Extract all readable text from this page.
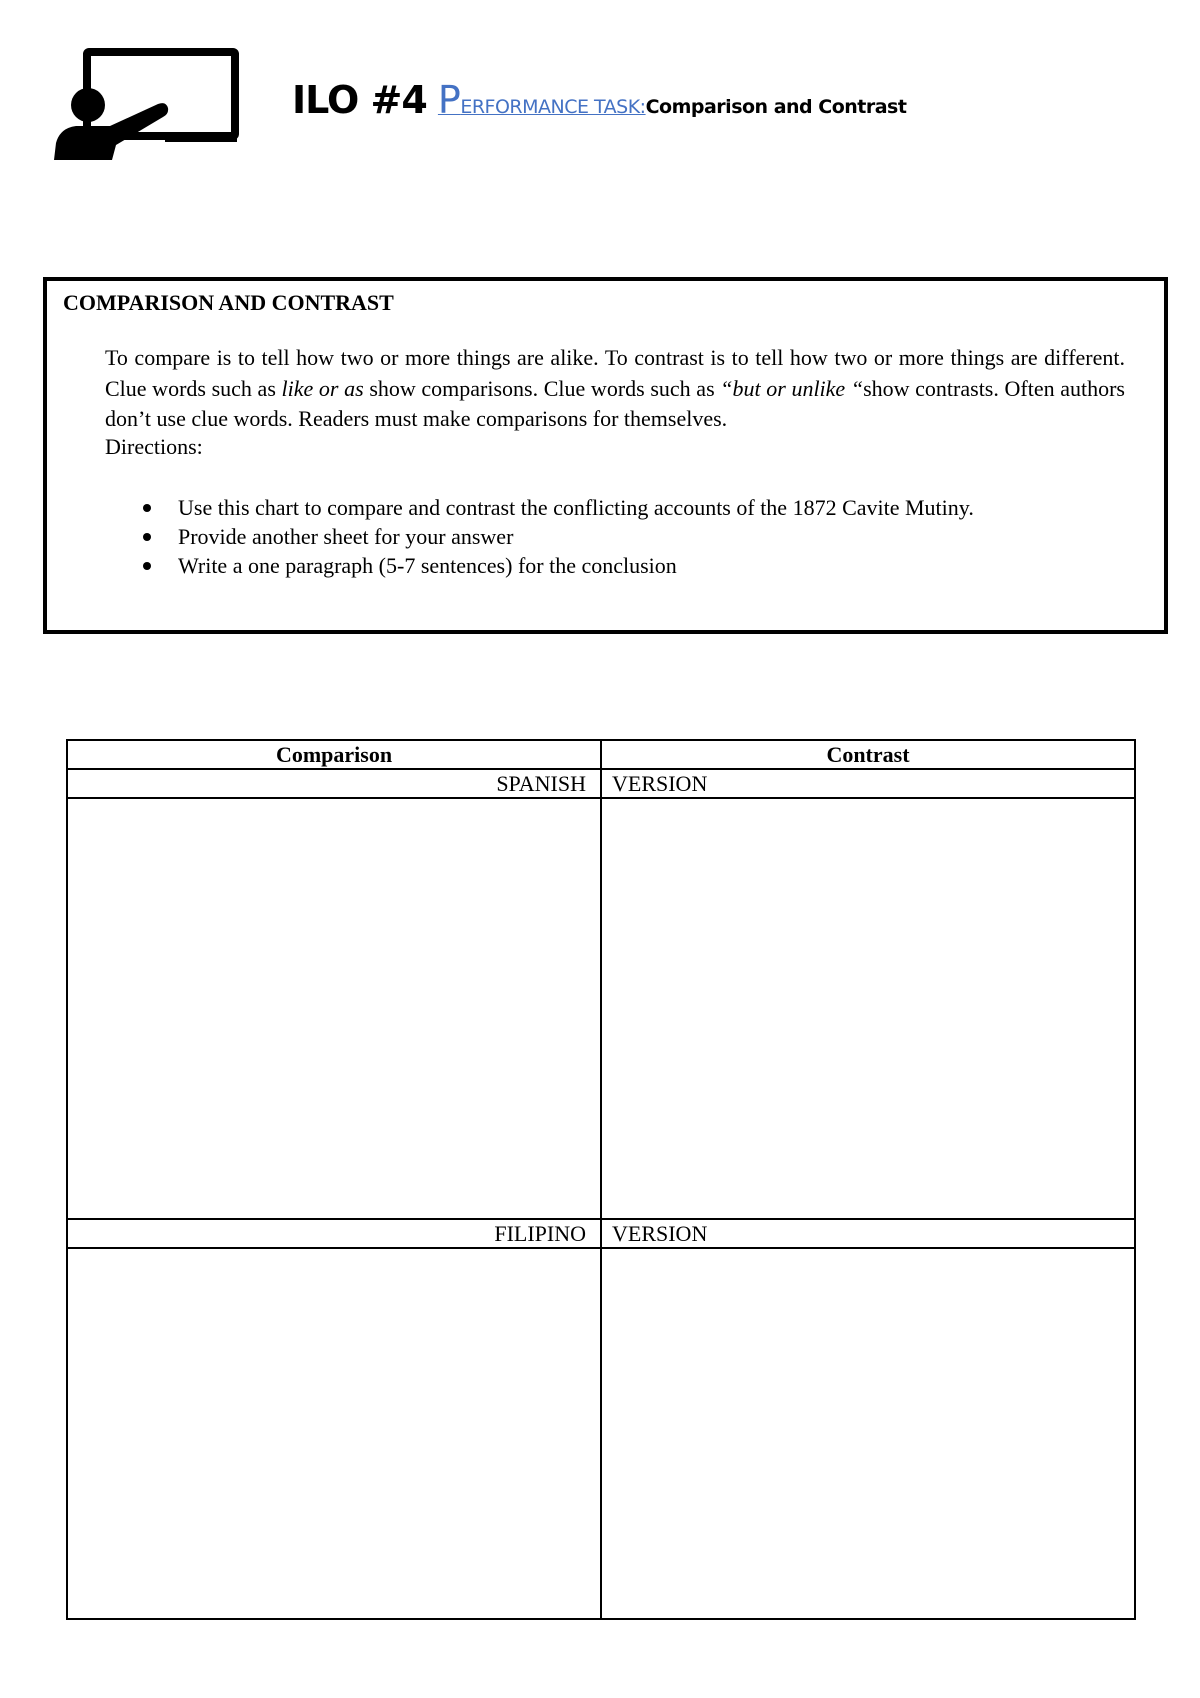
ILO #4 PERFORMANCE TASK:Comparison and Contrast
COMPARISON AND CONTRAST
To compare is to tell how two or more things are alike. To contrast is to tell how two or more things are different. Clue words such as like or as show comparisons. Clue words such as “but or unlike “show contrasts. Often authors don’t use clue words. Readers must make comparisons for themselves.
Directions:
Use this chart to compare and contrast the conflicting accounts of the 1872 Cavite Mutiny.
Provide another sheet for your answer
Write a one paragraph (5-7 sentences) for the conclusion
Comparison	Contrast
SPANISH	VERSION

FILIPINO	VERSION
